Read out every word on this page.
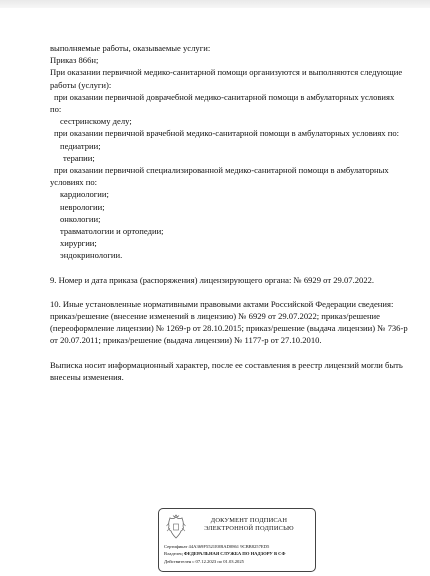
выполняемые работы, оказываемые услуги:
Приказ 866н;
При оказании первичной медико-санитарной помощи организуются и выполняются следующие
работы (услуги):
при оказании первичной доврачебной медико-санитарной помощи в амбулаторных условиях
по:
сестринскому делу;
при оказании первичной врачебной медико-санитарной помощи в амбулаторных условиях по:
педиатрии;
терапии;
при оказании первичной специализированной медико-санитарной помощи в амбулаторных
условиях по:
кардиологии;
неврологии;
онкологии;
травматологии и ортопедии;
хирургии;
эндокринологии.
9. Номер и дата приказа (распоряжения) лицензирующего органа: № 6929 от 29.07.2022.
10. Иные установленные нормативными правовыми актами Российской Федерации сведения:
приказ/решение (внесение изменений в лицензию) № 6929 от 29.07.2022; приказ/решение
(переоформление лицензии) № 1269-р от 28.10.2015; приказ/решение (выдача лицензии) № 736-р
от 20.07.2011; приказ/решение (выдача лицензии) № 1177-р от 27.10.2010.
Выписка носит информационный характер, после ее составления в реестр лицензий могли быть
внесены изменения.
ДОКУМЕНТ ПОДПИСАН
ЭЛЕКТРОННОЙ ПОДПИСЬЮ
Сертификат 44A369F5521E0BAD0861 9CBB8257ED5
Владелец ФЕДЕРАЛЬНАЯ СЛУЖБА ПО НАДЗОРУ В СФ
Действителен с 07.12.2023 по 01.03.2025
